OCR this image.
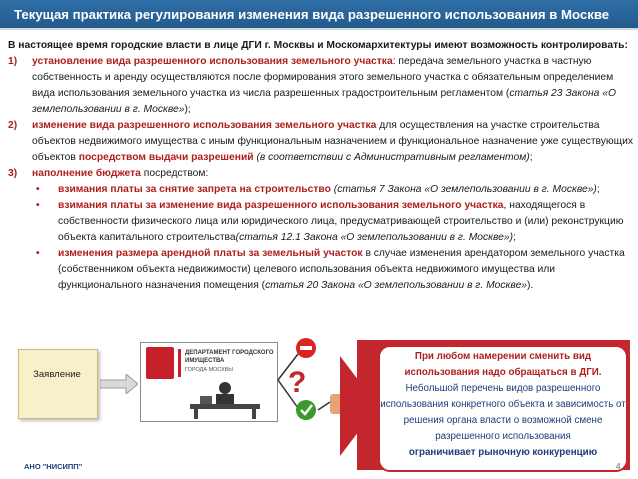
Текущая практика регулирования изменения вида разрешенного использования в Москве
В настоящее время городские власти в лице ДГИ г. Москвы и Москомархитектуры имеют возможность контролировать:
1) установление вида разрешенного использования земельного участка: передача земельного участка в частную собственность и аренду осуществляются после формирования этого земельного участка с обязательным определением вида использования земельного участка из числа разрешенных градостроительным регламентом (статья 23 Закона «О землепользовании в г. Москве»);
2) изменение вида разрешенного использования земельного участка для осуществления на участке строительства объектов недвижимого имущества с иным функциональным назначением и функциональное назначение уже существующих объектов посредством выдачи разрешений (в соответствии с Административным регламентом);
3) наполнение бюджета посредством:
• взимания платы за снятие запрета на строительство (статья 7 Закона «О землепользовании в г. Москве»);
• взимания платы за изменение вида разрешенного использования земельного участка, находящегося в собственности физического лица или юридического лица, предусматривающей строительство и (или) реконструкцию объекта капитального строительства(статья 12.1 Закона «О землепользовании в г. Москве»);
• изменения размера арендной платы за земельный участок в случае изменения арендатором земельного участка (собственником объекта недвижимости) целевого использования объекта недвижимого имущества или функционального назначения помещения (статья 20 Закона «О землепользовании в г. Москве»).
Заявление
ДЕПАРТАМЕНТ ГОРОДСКОГО ИМУЩЕСТВА
ГОРОДА МОСКВЫ	?
При любом намерении сменить вид использования надо обращаться в ДГИ.
Небольшой перечень видов разрешенного использования конкретного объекта и зависимость от решения органа власти о возможной смене разрешенного использования
ограничивает рыночную конкуренцию
АНО "НИСИПП"	4
